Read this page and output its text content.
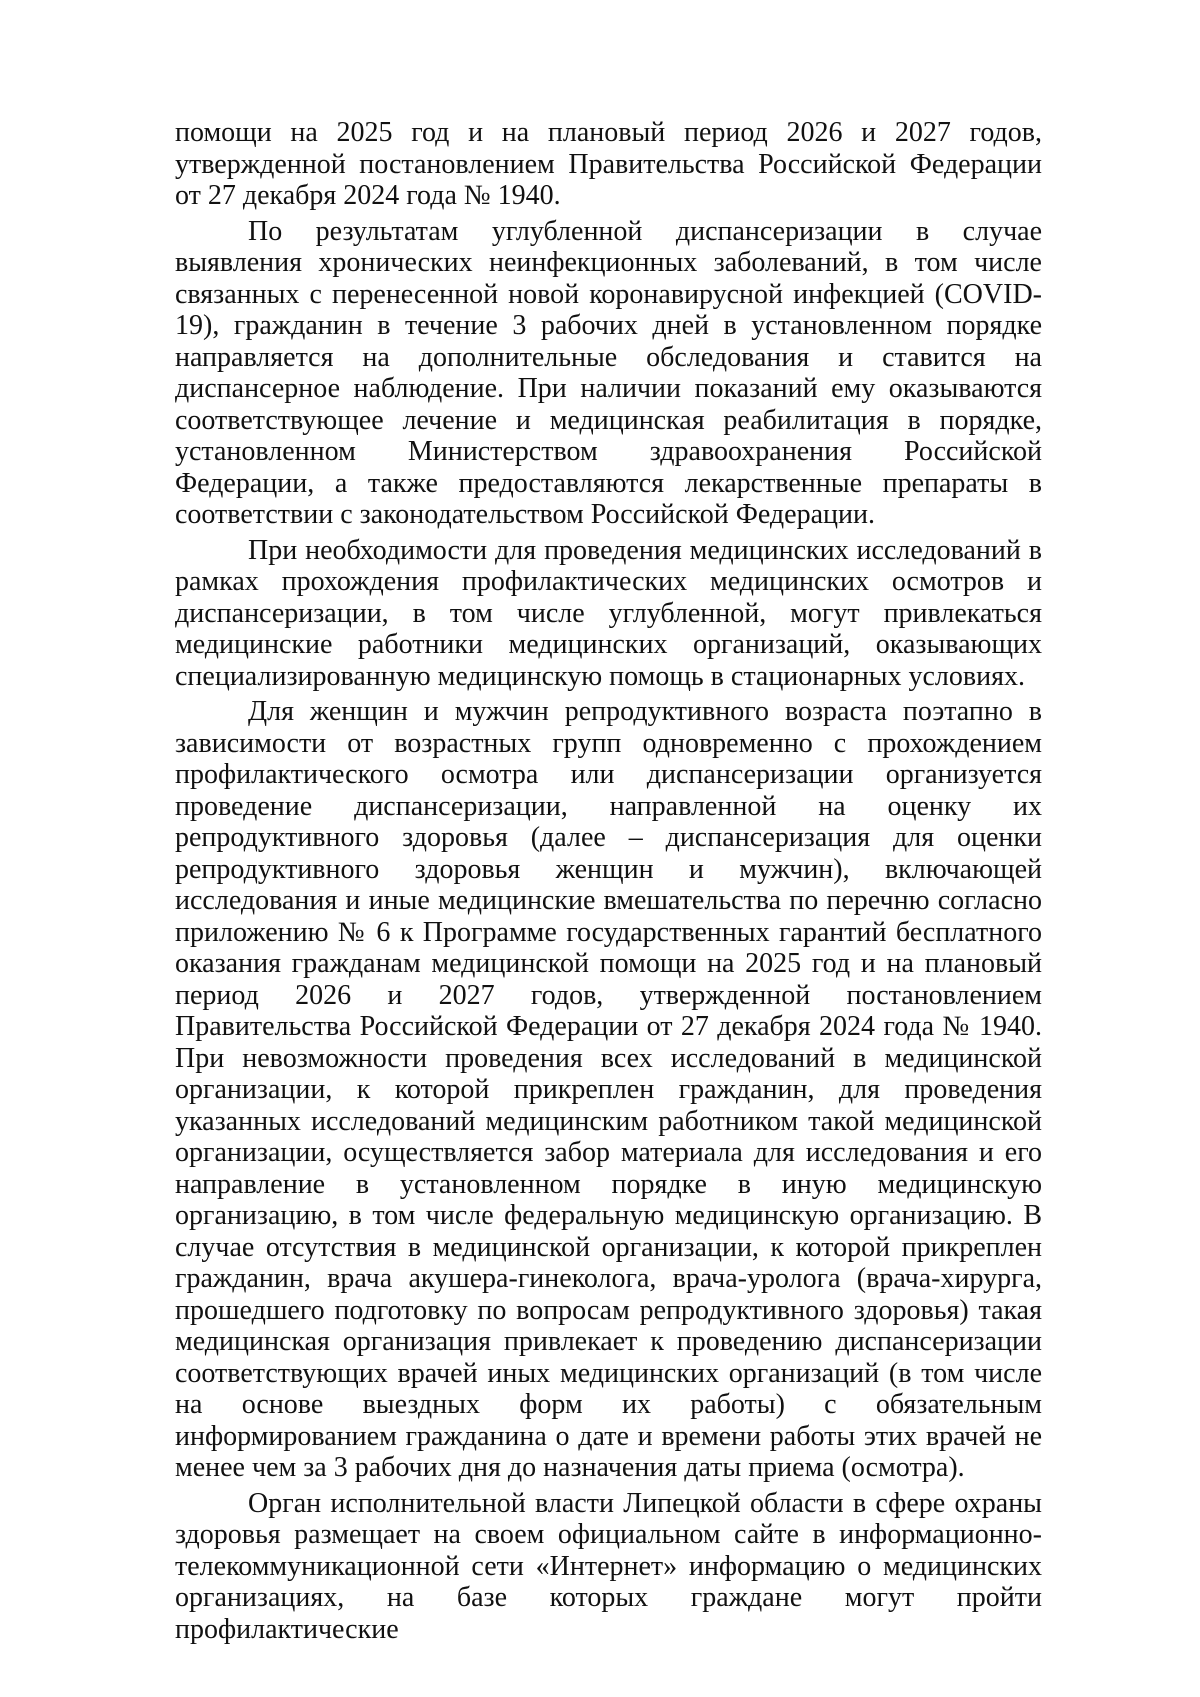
помощи на 2025 год и на плановый период 2026 и 2027 годов, утвержденной постановлением Правительства Российской Федерации от 27 декабря 2024 года № 1940.

По результатам углубленной диспансеризации в случае выявления хронических неинфекционных заболеваний, в том числе связанных с перенесенной новой коронавирусной инфекцией (COVID-19), гражданин в течение 3 рабочих дней в установленном порядке направляется на дополнительные обследования и ставится на диспансерное наблюдение. При наличии показаний ему оказываются соответствующее лечение и медицинская реабилитация в порядке, установленном Министерством здравоохранения Российской Федерации, а также предоставляются лекарственные препараты в соответствии с законодательством Российской Федерации.

При необходимости для проведения медицинских исследований в рамках прохождения профилактических медицинских осмотров и диспансеризации, в том числе углубленной, могут привлекаться медицинские работники медицинских организаций, оказывающих специализированную медицинскую помощь в стационарных условиях.

Для женщин и мужчин репродуктивного возраста поэтапно в зависимости от возрастных групп одновременно с прохождением профилактического осмотра или диспансеризации организуется проведение диспансеризации, направленной на оценку их репродуктивного здоровья (далее – диспансеризация для оценки репродуктивного здоровья женщин и мужчин), включающей исследования и иные медицинские вмешательства по перечню согласно приложению № 6 к Программе государственных гарантий бесплатного оказания гражданам медицинской помощи на 2025 год и на плановый период 2026 и 2027 годов, утвержденной постановлением Правительства Российской Федерации от 27 декабря 2024 года № 1940. При невозможности проведения всех исследований в медицинской организации, к которой прикреплен гражданин, для проведения указанных исследований медицинским работником такой медицинской организации, осуществляется забор материала для исследования и его направление в установленном порядке в иную медицинскую организацию, в том числе федеральную медицинскую организацию. В случае отсутствия в медицинской организации, к которой прикреплен гражданин, врача акушера-гинеколога, врача-уролога (врача-хирурга, прошедшего подготовку по вопросам репродуктивного здоровья) такая медицинская организация привлекает к проведению диспансеризации соответствующих врачей иных медицинских организаций (в том числе на основе выездных форм их работы) с обязательным информированием гражданина о дате и времени работы этих врачей не менее чем за 3 рабочих дня до назначения даты приема (осмотра).

Орган исполнительной власти Липецкой области в сфере охраны здоровья размещает на своем официальном сайте в информационно-телекоммуникационной сети «Интернет» информацию о медицинских организациях, на базе которых граждане могут пройти профилактические
